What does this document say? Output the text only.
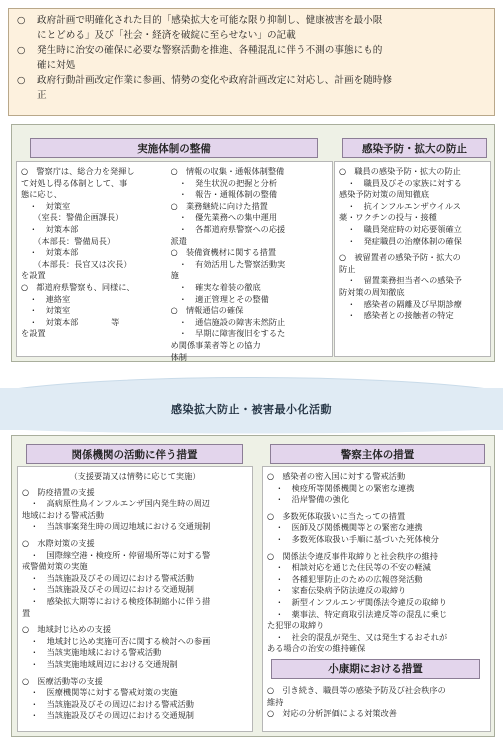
○	政府計画で明確化された目的「感染拡大を可能な限り抑制し、健康被害を最小限
にとどめる」及び「社会・経済を破綻に至らせない」の記載
○	発生時に治安の確保に必要な警察活動を推進、各種混乱に伴う不測の事態にも的
確に対処
○	政府行動計画改定作業に参画、情勢の変化や政府計画改定に対応し、計画を随時修
正
実施体制の整備
○　警察庁は、総合力を発揮し
て対処し得る体制として、事
態に応じ、
　・　対策室
　　（室長：警備企画課長）
　・　対策本部
　　（本部長：警備局長）
　・　対策本部
　　（本部長：長官又は次長）
を設置
○　都道府県警察も、同様に、
　・　連絡室
　・　対策室
　・　対策本部　　　　等
を設置
○　情報の収集・通報体制整備
　・　発生状況の把握と分析
　・　報告・通報体制の整備
○　業務継続に向けた措置
　・　優先業務への集中運用
　・　各都道府県警察への応援
派遣
○　装備資機材に関する措置
　・　有効活用した警察活動実
施
　・　確実な着装の徹底
　・　適正管理とその整備
○　情報通信の確保
　・　通信施設の障害未然防止
　・　早期に障害復旧をするた
め関係事業者等との協力
体制
感染予防・拡大の防止
○　職員の感染予防・拡大の防止
　・　職員及びその家族に対する
感染予防対策の周知徹底
　・　抗インフルエンザウイルス
薬・ワクチンの投与・接種
　・　職員発症時の対応要領確立
　・　発症職員の治療体制の確保
○　被留置者の感染予防・拡大の
防止
　・　留置業務担当者への感染予
防対策の周知徹底
　・　感染者の隔離及び早期診療
　・　感染者との接触者の特定
感染拡大防止・被害最小化活動
関係機関の活動に伴う措置
（支援要請又は情勢に応じて実施）
○　防疫措置の支援
　・　高病原性鳥インフルエンザ国内発生時の周辺
地域における警戒活動
　・　当該事案発生時の周辺地域における交通規制
○　水際対策の支援
　・　国際線空港・検疫所・停留場所等に対する警
戒警備対策の実施
　・　当該施設及びその周辺における警戒活動
　・　当該施設及びその周辺における交通規制
　・　感染拡大期等における検疫体制縮小に伴う措
置
○　地域封じ込めの支援
　・　地域封じ込め実施可否に関する検討への参画
　・　当該実施地域における警戒活動
　・　当該実施地域周辺における交通規制
○　医療活動等の支援
　・　医療機関等に対する警戒対策の実施
　・　当該施設及びその周辺における警戒活動
　・　当該施設及びその周辺における交通規制
警察主体の措置
○　感染者の密入国に対する警戒活動
　・　検疫所等関係機関との緊密な連携
　・　沿岸警備の強化
○　多数死体取扱いに当たっての措置
　・　医師及び関係機関等との緊密な連携
　・　多数死体取扱い手順に基づいた死体検分
○　関係法令違反事件取締りと社会秩序の維持
　・　相談対応を通じた住民等の不安の軽減
　・　各種犯罪防止のための広報啓発活動
　・　家畜伝染病予防法違反の取締り
　・　新型インフルエンザ関係法令違反の取締り
　・　薬事法、特定商取引法違反等の混乱に乗じ
た犯罪の取締り
　・　社会的混乱が発生、又は発生するおそれが
ある場合の治安の維持確保
小康期における措置
○　引き続き、職員等の感染予防及び社会秩序の
維持
○　対応の分析評価による対策改善
